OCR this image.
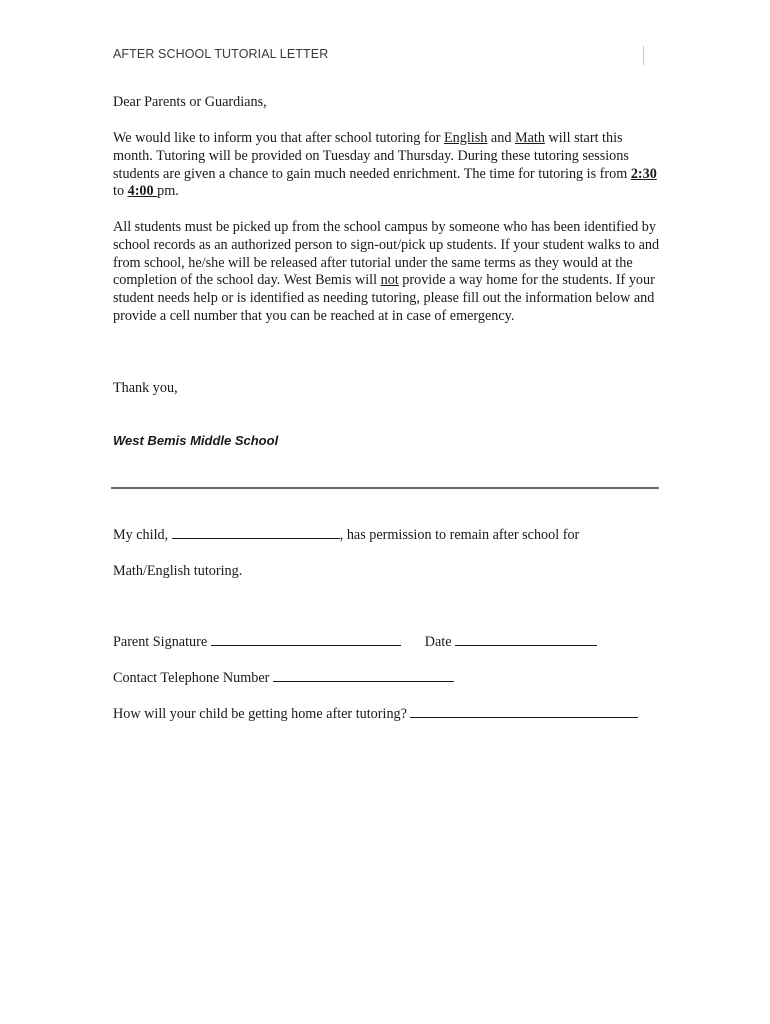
AFTER SCHOOL TUTORIAL LETTER

Dear Parents or Guardians,

We would like to inform you that after school tutoring for English and Math will start this month. Tutoring will be provided on Tuesday and Thursday. During these tutoring sessions students are given a chance to gain much needed enrichment. The time for tutoring is from 2:30 to 4:00 pm.

All students must be picked up from the school campus by someone who has been identified by school records as an authorized person to sign-out/pick up students. If your student walks to and from school, he/she will be released after tutorial under the same terms as they would at the completion of the school day. West Bemis will not provide a way home for the students. If your student needs help or is identified as needing tutoring, please fill out the information below and provide a cell number that you can be reached at in case of emergency.

Thank you,

West Bemis Middle School
My child,	, has permission to remain after school for
Math/English tutoring.
Parent Signature	Date
Contact Telephone Number
How will your child be getting home after tutoring?
